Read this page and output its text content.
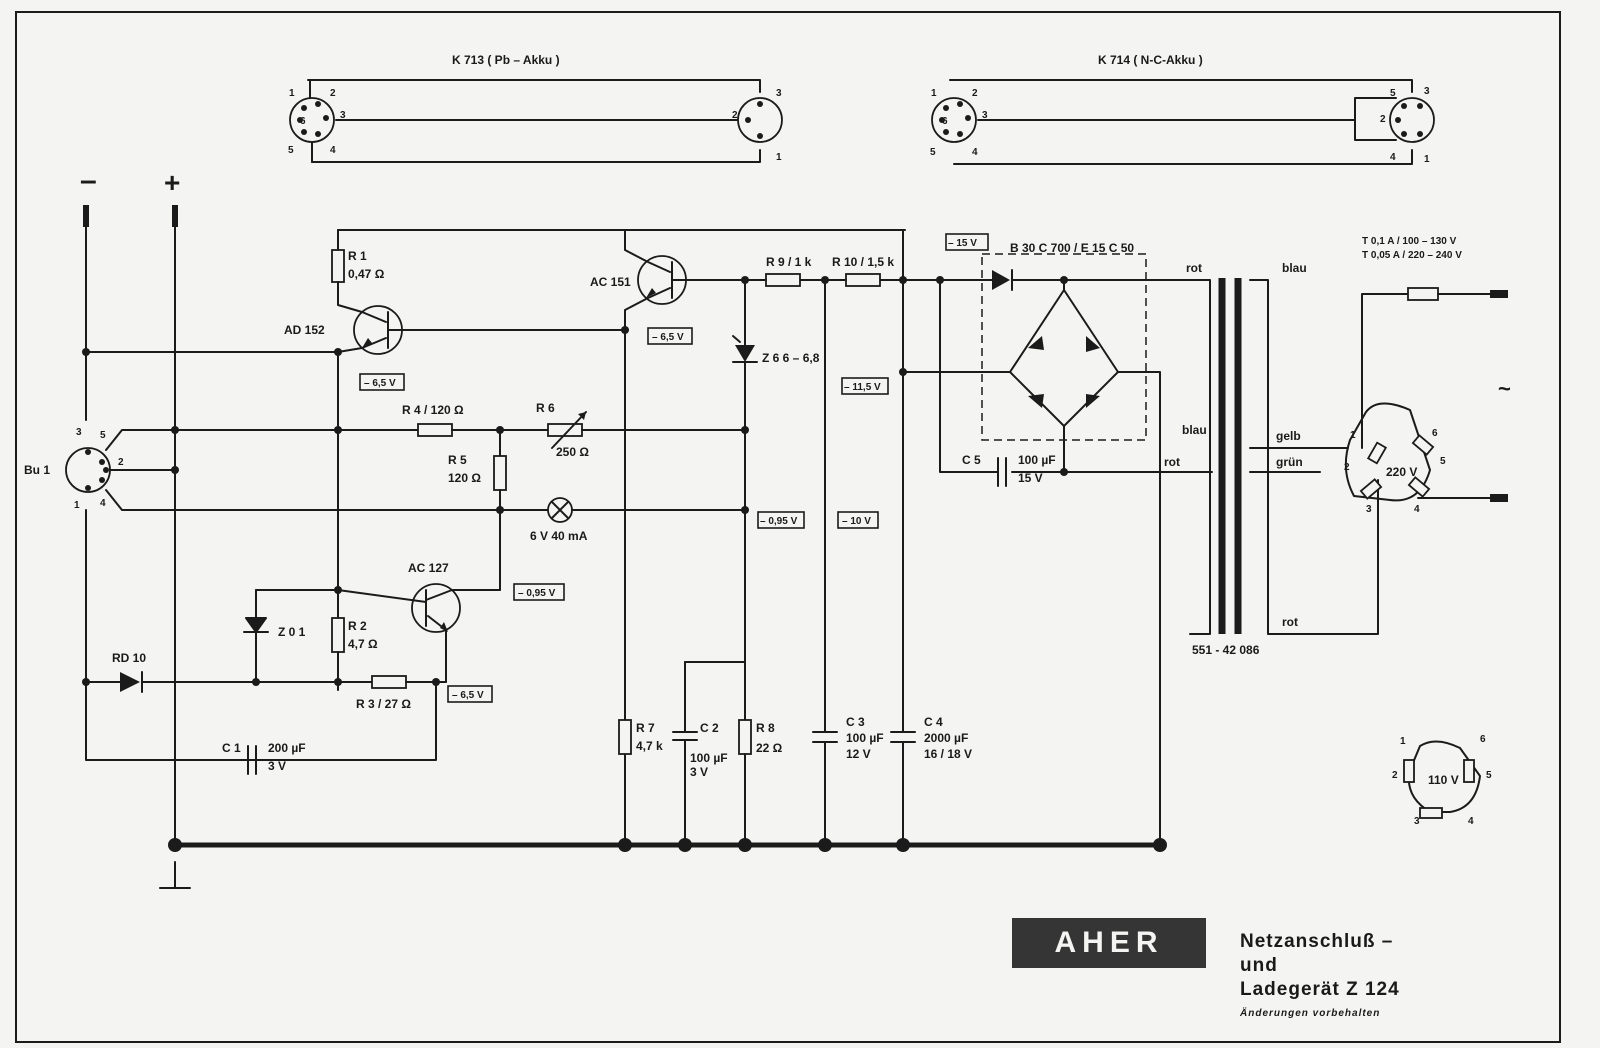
K 713 ( Pb – Akku )
1	2
3
5	4
6
3
2
1
K 714 ( N-C-Akku )
1	2
3
5	4
6
3
5
2
4	1
– +
Bu 1
3 5
2
1 4
R 1
0,47 Ω
AD 152
AC 151
R 4 / 120 Ω	R 6
250 Ω
R 5
120 Ω
6 V 40 mA
AC 127
Z 0 1	R 2
4,7 Ω
RD 10
R 3 / 27 Ω
C 1 200 µF
3 V
R 9 / 1 k R 10 / 1,5 k
Z 6 6 – 6,8
R 7
4,7 k
C 2
100 µF
3 V
R 8
22 Ω
C 3
100 µF
12 V
C 4
2000 µF
16 / 18 V
B 30 C 700 / E 15 C 50
C 5	100 µF
15 V
rot	blau
blau
rot
gelb
grün
rot
551 - 42 086
220 V
1
2
3	4
5
6
T 0,1 A / 100 – 130 V
T 0,05 A / 220 – 240 V
~
110 V
1
2
3	4
5
6
– 6,5 V
– 6,5 V
– 6,5 V
– 0,95 V
– 0,95 V
– 11,5 V
– 10 V
– 15 V
AHER	Netzanschluß –
und
Ladegerät Z 124
Änderungen vorbehalten
